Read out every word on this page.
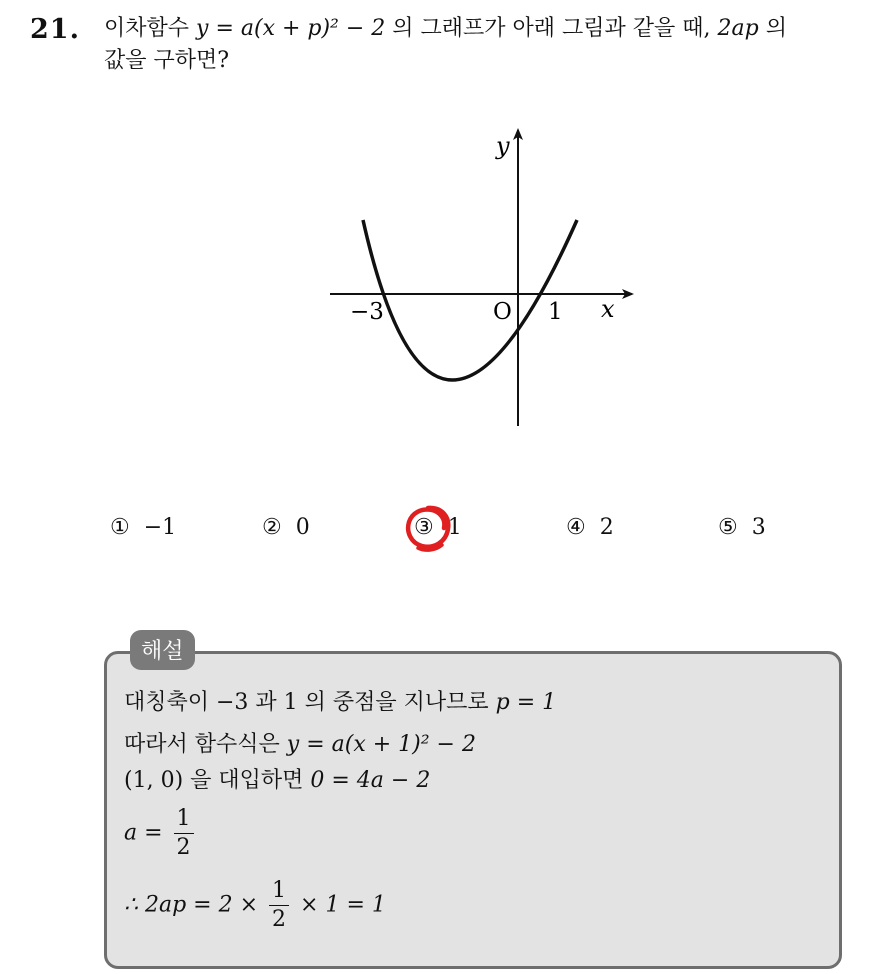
21. 이차함수 y = a(x + p)² − 2 의 그래프가 아래 그림과 같을 때, 2ap 의
값을 구하면?
y
x
O
−3	1
① −1	② 0	③ 1	④ 2	⑤ 3
해설
대칭축이 −3 과 1 의 중점을 지나므로 p = 1
따라서 함수식은 y = a(x + 1)² − 2
(1, 0) 을 대입하면 0 = 4a − 2
$a = \frac{1}{2}$
∴ $2ap = 2 \times \frac{1}{2} \times 1 = 1$
